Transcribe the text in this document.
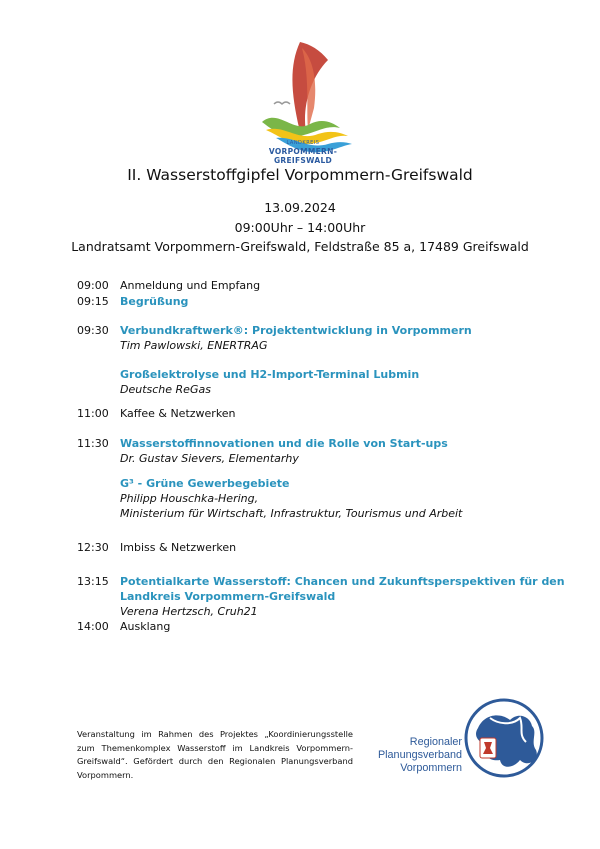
LANDKREIS
VORPOMMERN-GREIFSWALD
II. Wasserstoffgipfel Vorpommern-Greifswald
13.09.2024
09:00Uhr – 14:00Uhr
Landratsamt Vorpommern-Greifswald, Feldstraße 85 a, 17489 Greifswald
09:00 Anmeldung und Empfang
09:15 Begrüßung
09:30 Verbundkraftwerk®: Projektentwicklung in Vorpommern
Tim Pawlowski, ENERTRAG
Großelektrolyse und H2-Import-Terminal Lubmin
Deutsche ReGas
11:00 Kaffee & Netzwerken
11:30 Wasserstoffinnovationen und die Rolle von Start-ups
Dr. Gustav Sievers, Elementarhy
G³ - Grüne Gewerbegebiete
Philipp Houschka-Hering,
Ministerium für Wirtschaft, Infrastruktur, Tourismus und Arbeit
12:30 Imbiss & Netzwerken
13:15 Potentialkarte Wasserstoff: Chancen und Zukunftsperspektiven für den
Landkreis Vorpommern-Greifswald
Verena Hertzsch, Cruh21
14:00 Ausklang
Veranstaltung im Rahmen des Projektes „Koordinierungsstelle zum Themenkomplex Wasserstoff im Landkreis Vorpommern-Greifswald“. Gefördert durch den Regionalen Planungsverband Vorpommern.
Regionaler
Planungsverband
Vorpommern
